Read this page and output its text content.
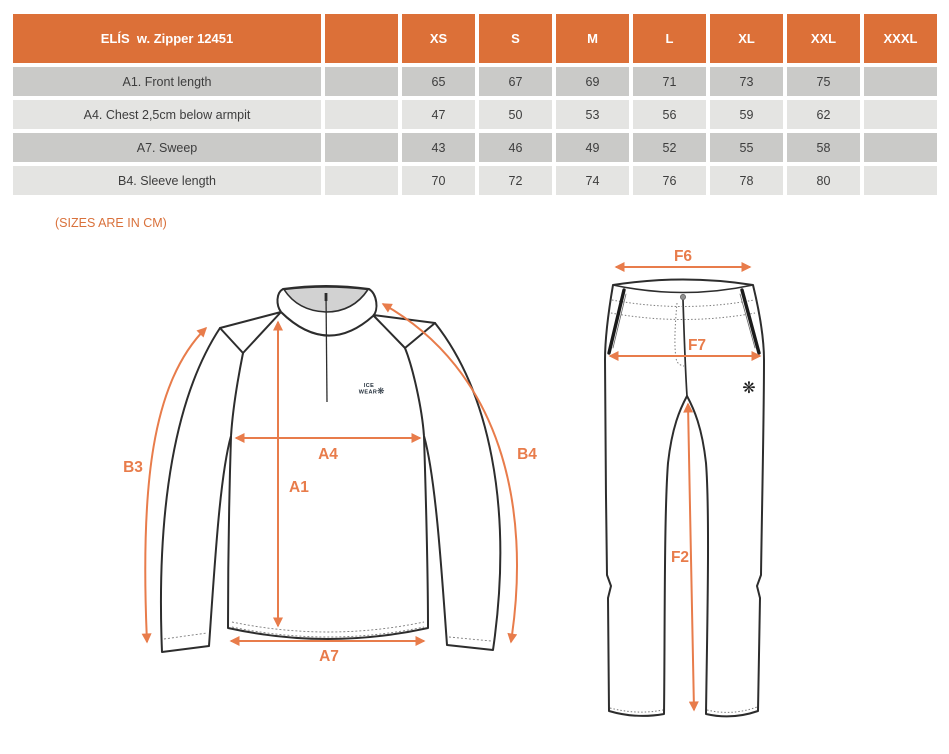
ELÍS  w. Zipper 12451		XS	S	M	L	XL	XXL	XXXL
A1. Front length		65	67	69	71	73	75	
A4. Chest 2,5cm below armpit		47	50	53	56	59	62	
A7. Sweep		43	46	49	52	55	58	
B4. Sleeve length		70	72	74	76	78	80	
(SIZES ARE IN CM)
ICE
WEAR ❋
A4
A1
B3
B4
A7
❋
F6
F7
F2
